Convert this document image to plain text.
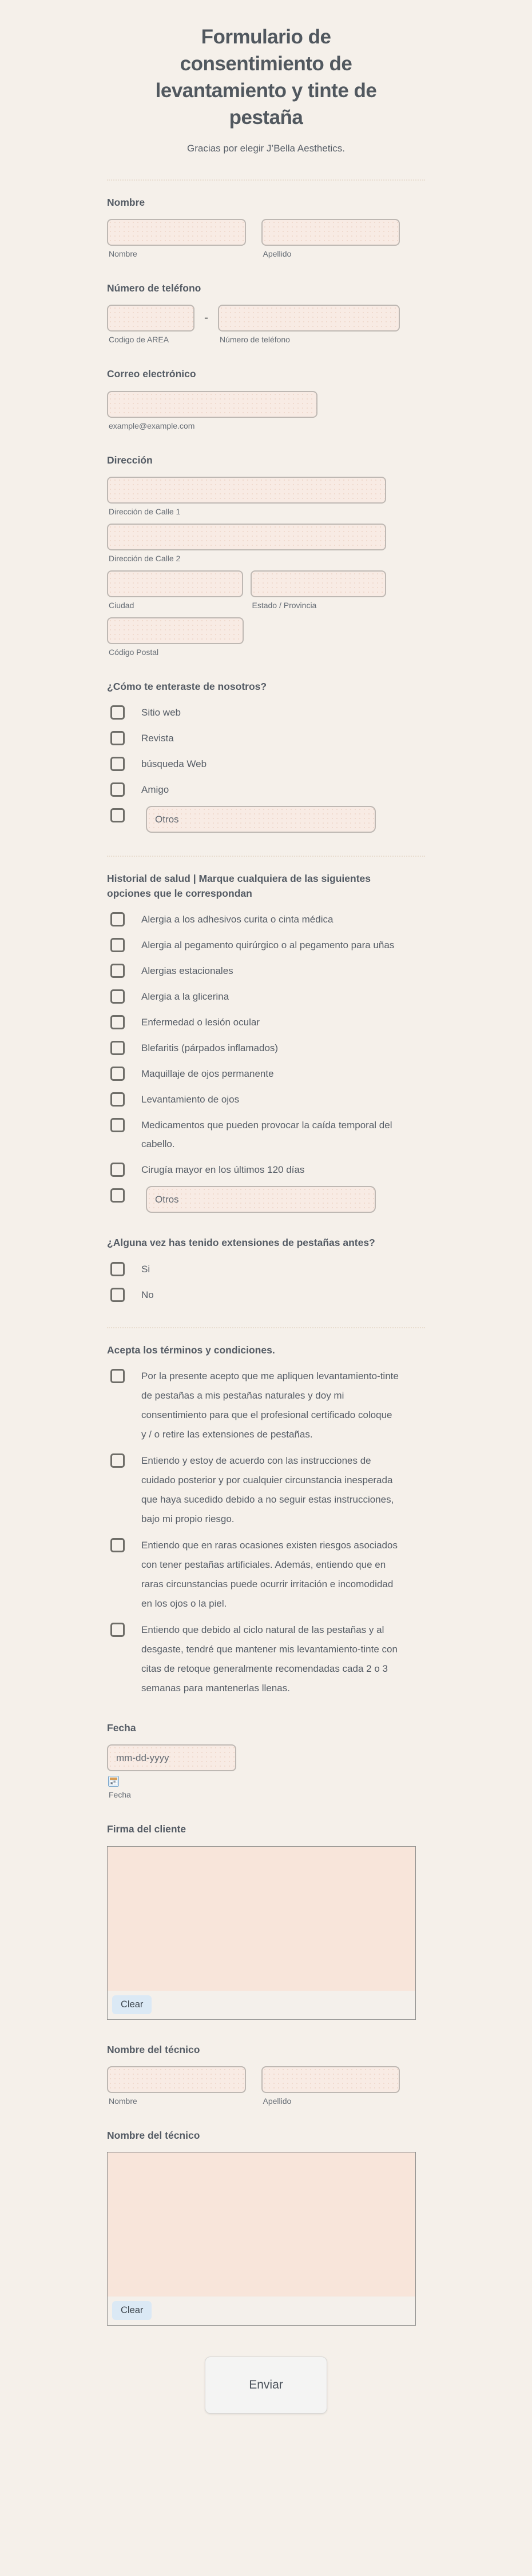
Formulario de consentimiento de levantamiento y tinte de pestaña
Gracias por elegir J’Bella Aesthetics.
Nombre
Nombre	Apellido
Número de teléfono
Codigo de AREA
-
Número de teléfono
Correo electrónico
example@example.com
Dirección
Dirección de Calle 1
Dirección de Calle 2
Ciudad	Estado / Provincia
Código Postal
¿Cómo te enteraste de nosotros?
Sitio web
Revista
búsqueda Web
Amigo
Otros
Historial de salud | Marque cualquiera de las siguientes opciones que le correspondan
Alergia a los adhesivos curita o cinta médica
Alergia al pegamento quirúrgico o al pegamento para uñas
Alergias estacionales
Alergia a la glicerina
Enfermedad o lesión ocular
Blefaritis (párpados inflamados)
Maquillaje de ojos permanente
Levantamiento de ojos
Medicamentos que pueden provocar la caída temporal del cabello.
Cirugía mayor en los últimos 120 días
Otros
¿Alguna vez has tenido extensiones de pestañas antes?
Si
No
Acepta los términos y condiciones.
Por la presente acepto que me apliquen levantamiento-tinte de pestañas a mis pestañas naturales y doy mi consentimiento para que el profesional certificado coloque y / o retire las extensiones de pestañas.
Entiendo y estoy de acuerdo con las instrucciones de cuidado posterior y por cualquier circunstancia inesperada que haya sucedido debido a no seguir estas instrucciones, bajo mi propio riesgo.
Entiendo que en raras ocasiones existen riesgos asociados con tener pestañas artificiales. Además, entiendo que en raras circunstancias puede ocurrir irritación e incomodidad en los ojos o la piel.
Entiendo que debido al ciclo natural de las pestañas y al desgaste, tendré que mantener mis levantamiento-tinte con citas de retoque generalmente recomendadas cada 2 o 3 semanas para mantenerlas llenas.
Fecha
mm-dd-yyyy
Fecha
Firma del cliente
Clear
Nombre del técnico
Nombre	Apellido
Nombre del técnico
Clear
Enviar
